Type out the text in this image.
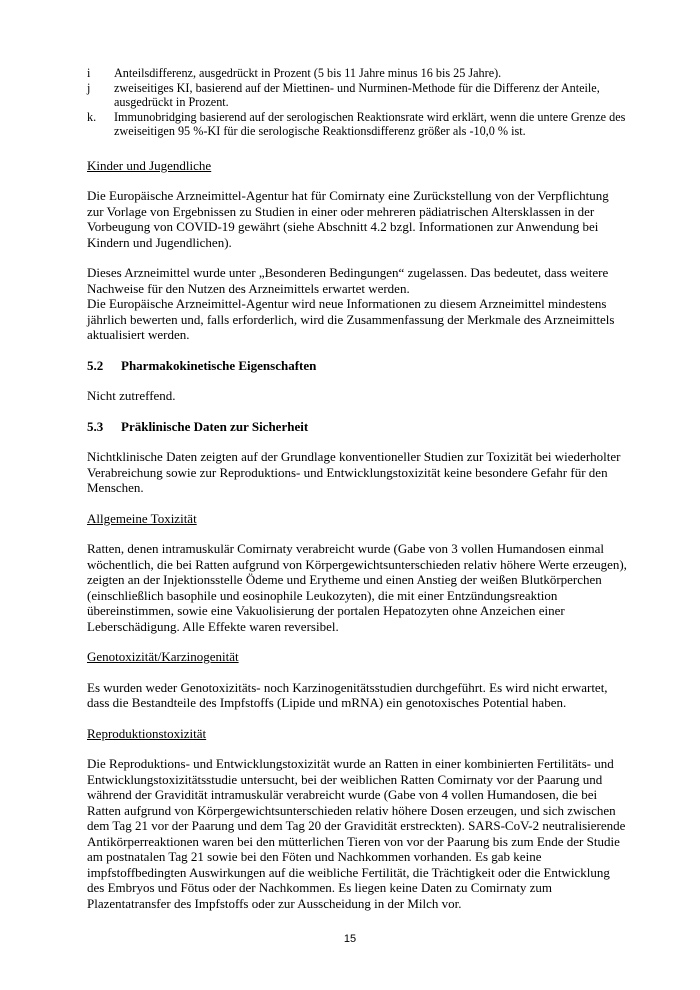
i	Anteilsdifferenz, ausgedrückt in Prozent (5 bis 11 Jahre minus 16 bis 25 Jahre).
j	zweiseitiges KI, basierend auf der Miettinen- und Nurminen-Methode für die Differenz der Anteile, ausgedrückt in Prozent.
k.	Immunobridging basierend auf der serologischen Reaktionsrate wird erklärt, wenn die untere Grenze des zweiseitigen 95 %-KI für die serologische Reaktionsdifferenz größer als -10,0 % ist.

Kinder und Jugendliche

Die Europäische Arzneimittel-Agentur hat für Comirnaty eine Zurückstellung von der Verpflichtung zur Vorlage von Ergebnissen zu Studien in einer oder mehreren pädiatrischen Altersklassen in der Vorbeugung von COVID-19 gewährt (siehe Abschnitt 4.2 bzgl. Informationen zur Anwendung bei Kindern und Jugendlichen).

Dieses Arzneimittel wurde unter „Besonderen Bedingungen“ zugelassen. Das bedeutet, dass weitere Nachweise für den Nutzen des Arzneimittels erwartet werden.

Die Europäische Arzneimittel-Agentur wird neue Informationen zu diesem Arzneimittel mindestens jährlich bewerten und, falls erforderlich, wird die Zusammenfassung der Merkmale des Arzneimittels aktualisiert werden.

5.2	Pharmakokinetische Eigenschaften

Nicht zutreffend.

5.3	Präklinische Daten zur Sicherheit

Nichtklinische Daten zeigten auf der Grundlage konventioneller Studien zur Toxizität bei wiederholter Verabreichung sowie zur Reproduktions- und Entwicklungstoxizität keine besondere Gefahr für den Menschen.

Allgemeine Toxizität

Ratten, denen intramuskulär Comirnaty verabreicht wurde (Gabe von 3 vollen Humandosen einmal wöchentlich, die bei Ratten aufgrund von Körpergewichtsunterschieden relativ höhere Werte erzeugen), zeigten an der Injektionsstelle Ödeme und Erytheme und einen Anstieg der weißen Blutkörperchen (einschließlich basophile und eosinophile Leukozyten), die mit einer Entzündungsreaktion übereinstimmen, sowie eine Vakuolisierung der portalen Hepatozyten ohne Anzeichen einer Leberschädigung. Alle Effekte waren reversibel.

Genotoxizität/Karzinogenität

Es wurden weder Genotoxizitäts- noch Karzinogenitätsstudien durchgeführt. Es wird nicht erwartet, dass die Bestandteile des Impfstoffs (Lipide und mRNA) ein genotoxisches Potential haben.

Reproduktionstoxizität

Die Reproduktions- und Entwicklungstoxizität wurde an Ratten in einer kombinierten Fertilitäts- und Entwicklungstoxizitätsstudie untersucht, bei der weiblichen Ratten Comirnaty vor der Paarung und während der Gravidität intramuskulär verabreicht wurde (Gabe von 4 vollen Humandosen, die bei Ratten aufgrund von Körpergewichtsunterschieden relativ höhere Dosen erzeugen, und sich zwischen dem Tag 21 vor der Paarung und dem Tag 20 der Gravidität erstreckten). SARS-CoV-2 neutralisierende Antikörperreaktionen waren bei den mütterlichen Tieren von vor der Paarung bis zum Ende der Studie am postnatalen Tag 21 sowie bei den Föten und Nachkommen vorhanden. Es gab keine impfstoffbedingten Auswirkungen auf die weibliche Fertilität, die Trächtigkeit oder die Entwicklung des Embryos und Fötus oder der Nachkommen. Es liegen keine Daten zu Comirnaty zum Plazentatransfer des Impfstoffs oder zur Ausscheidung in der Milch vor.

15
